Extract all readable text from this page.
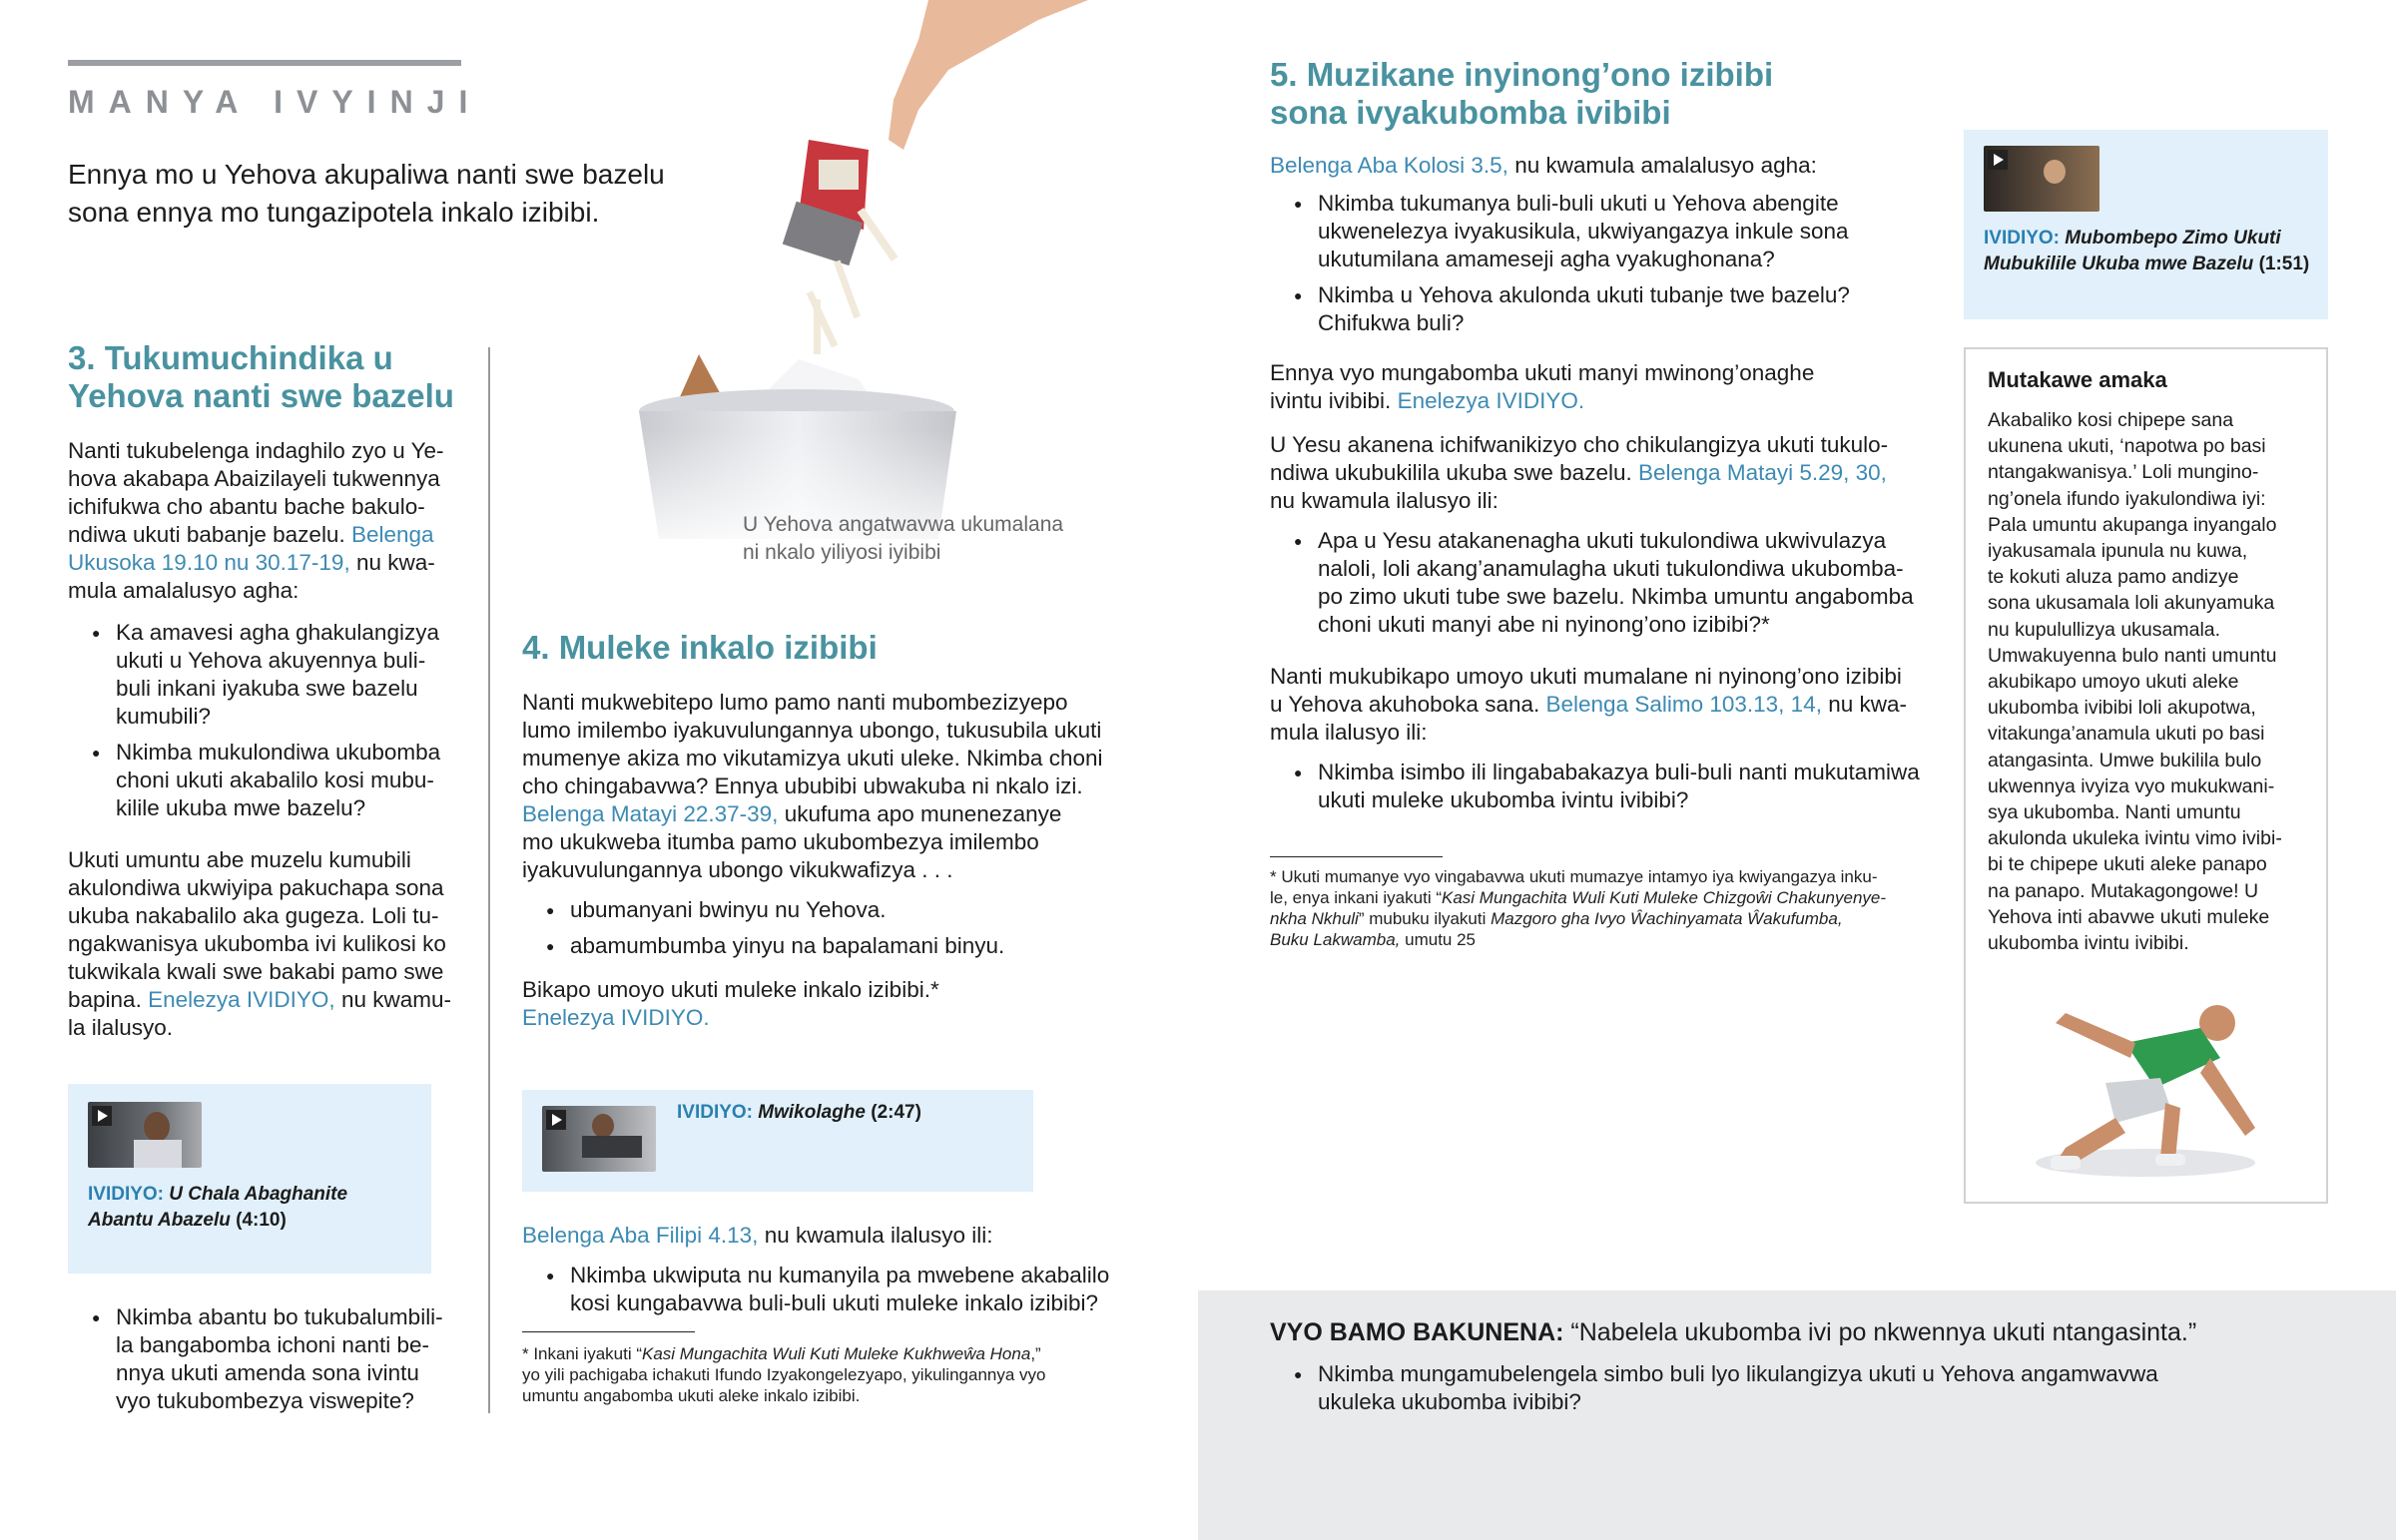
MANYA IVYINJI
Ennya mo u Yehova akupaliwa nanti swe bazelu sona ennya mo tungazipotela inkalo izibibi.
U Yehova angatwavwa ukumalana
ni nkalo yiliyosi iyibibi
3. Tukumuchindika u
Yehova nanti swe bazelu
Nanti tukubelenga indaghilo zyo u Ye-
hova akabapa Abaizilayeli tukwennya
ichifukwa cho abantu bache bakulo-
ndiwa ukuti babanje bazelu. Belenga
Ukusoka 19.10 nu 30.17-19, nu kwa-
mula amalalusyo agha:
● Ka amavesi agha ghakulangizya
ukuti u Yehova akuyennya buli-
buli inkani iyakuba swe bazelu
kumubili?
● Nkimba mukulondiwa ukubomba
choni ukuti akabalilo kosi mubu-
kilile ukuba mwe bazelu?
Ukuti umuntu abe muzelu kumubili
akulondiwa ukwiyipa pakuchapa sona
ukuba nakabalilo aka gugeza. Loli tu-
ngakwanisya ukubomba ivi kulikosi ko
tukwikala kwali swe bakabi pamo swe
bapina. Enelezya IVIDIYO, nu kwamu-
la ilalusyo.
IVIDIYO: U Chala Abaghanite
Abantu Abazelu (4:10)
● Nkimba abantu bo tukubalumbili-
la bangabomba ichoni nanti be-
nnya ukuti amenda sona ivintu
vyo tukubombezya viswepite?
4. Muleke inkalo izibibi
Nanti mukwebitepo lumo pamo nanti mubombezizyepo
lumo imilembo iyakuvulungannya ubongo, tukusubila ukuti
mumenye akiza mo vikutamizya ukuti uleke. Nkimba choni
cho chingabavwa? Ennya ububibi ubwakuba ni nkalo izi.
Belenga Matayi 22.37-39, ukufuma apo munenezanye
mo ukukweba itumba pamo ukubombezya imilembo
iyakuvulungannya ubongo vikukwafizya . . .
● ubumanyani bwinyu nu Yehova.
● abamumbumba yinyu na bapalamani binyu.
Bikapo umoyo ukuti muleke inkalo izibibi.*
Enelezya IVIDIYO.
IVIDIYO: Mwikolaghe (2:47)
Belenga Aba Filipi 4.13, nu kwamula ilalusyo ili:
● Nkimba ukwiputa nu kumanyila pa mwebene akabalilo
kosi kungabavwa buli-buli ukuti muleke inkalo izibibi?
* Inkani iyakuti “Kasi Mungachita Wuli Kuti Muleke Kukhweŵa Hona,”
yo yili pachigaba ichakuti Ifundo Izyakongelezyapo, yikulingannya vyo
umuntu angabomba ukuti aleke inkalo izibibi.
5. Muzikane inyinong’ono izibibi
sona ivyakubomba ivibibi
Belenga Aba Kolosi 3.5, nu kwamula amalalusyo agha:
● Nkimba tukumanya buli-buli ukuti u Yehova abengite
ukwenelezya ivyakusikula, ukwiyangazya inkule sona
ukutumilana amameseji agha vyakughonana?
● Nkimba u Yehova akulonda ukuti tubanje twe bazelu?
Chifukwa buli?
Ennya vyo mungabomba ukuti manyi mwinong’onaghe
ivintu ivibibi. Enelezya IVIDIYO.
U Yesu akanena ichifwanikizyo cho chikulangizya ukuti tukulo-
ndiwa ukubukilila ukuba swe bazelu. Belenga Matayi 5.29, 30,
nu kwamula ilalusyo ili:
● Apa u Yesu atakanenagha ukuti tukulondiwa ukwivulazya
naloli, loli akang’anamulagha ukuti tukulondiwa ukubomba-
po zimo ukuti tube swe bazelu. Nkimba umuntu angabomba
choni ukuti manyi abe ni nyinong’ono izibibi?*
Nanti mukubikapo umoyo ukuti mumalane ni nyinong’ono izibibi
u Yehova akuhoboka sana. Belenga Salimo 103.13, 14, nu kwa-
mula ilalusyo ili:
● Nkimba isimbo ili lingababakazya buli-buli nanti mukutamiwa
ukuti muleke ukubomba ivintu ivibibi?
* Ukuti mumanye vyo vingabavwa ukuti mumazye intamyo iya kwiyangazya inku-
le, enya inkani iyakuti “Kasi Mungachita Wuli Kuti Muleke Chizgoŵi Chakunyenye-
nkha Nkhuli” mubuku ilyakuti Mazgoro gha Ivyo Ŵachinyamata Ŵakufumba,
Buku Lakwamba, umutu 25
IVIDIYO: Mubombepo Zimo Ukuti
Mubukilile Ukuba mwe Bazelu (1:51)
Mutakawe amaka
Akabaliko kosi chipepe sana
ukunena ukuti, ‘napotwa po basi
ntangakwanisya.’ Loli mungino-
ng’onela ifundo iyakulondiwa iyi:
Pala umuntu akupanga inyangalo
iyakusamala ipunula nu kuwa,
te kokuti aluza pamo andizye
sona ukusamala loli akunyamuka
nu kupulullizya ukusamala.
Umwakuyenna bulo nanti umuntu
akubikapo umoyo ukuti aleke
ukubomba ivibibi loli akupotwa,
vitakunga’anamula ukuti po basi
atangasinta. Umwe bukilila bulo
ukwennya ivyiza vyo mukukwani-
sya ukubomba. Nanti umuntu
akulonda ukuleka ivintu vimo ivibi-
bi te chipepe ukuti aleke panapo
na panapo. Mutakagongowe! U
Yehova inti abavwe ukuti muleke
ukubomba ivintu ivibibi.
VYO BAMO BAKUNENA: “Nabelela ukubomba ivi po nkwennya ukuti ntangasinta.”
● Nkimba mungamubelengela simbo buli lyo likulangizya ukuti u Yehova angamwavwa
ukuleka ukubomba ivibibi?
